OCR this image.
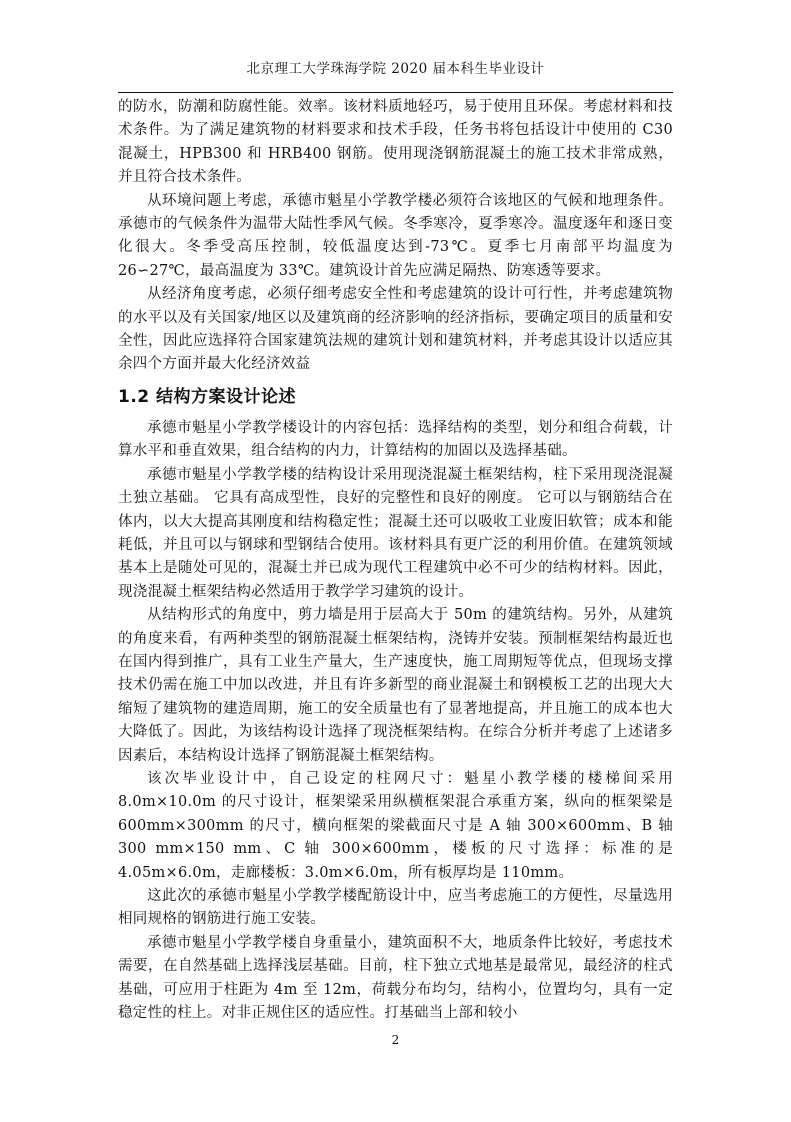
北京理工大学珠海学院 2020 届本科生毕业设计

的防水，防潮和防腐性能。效率。该材料质地轻巧，易于使用且环保。考虑材料和技术条件。为了满足建筑物的材料要求和技术手段，任务书将包括设计中使用的 C30 混凝土，HPB300 和 HRB400 钢筋。使用现浇钢筋混凝土的施工技术非常成熟，并且符合技术条件。

从环境问题上考虑，承德市魁星小学教学楼必须符合该地区的气候和地理条件。承德市的气候条件为温带大陆性季风气候。冬季寒冷，夏季寒冷。温度逐年和逐日变化很大。冬季受高压控制，较低温度达到-73℃。夏季七月南部平均温度为 26∽27℃，最高温度为 33℃。建筑设计首先应满足隔热、防寒透等要求。

从经济角度考虑，必须仔细考虑安全性和考虑建筑的设计可行性，并考虑建筑物的水平以及有关国家/地区以及建筑商的经济影响的经济指标，要确定项目的质量和安全性，因此应选择符合国家建筑法规的建筑计划和建筑材料，并考虑其设计以适应其余四个方面并最大化经济效益

1.2 结构方案设计论述

承德市魁星小学教学楼设计的内容包括：选择结构的类型，划分和组合荷载，计算水平和垂直效果，组合结构的内力，计算结构的加固以及选择基础。

承德市魁星小学教学楼的结构设计采用现浇混凝土框架结构，柱下采用现浇混凝土独立基础。 它具有高成型性，良好的完整性和良好的刚度。 它可以与钢筋结合在体内，以大大提高其刚度和结构稳定性；混凝土还可以吸收工业废旧软管；成本和能耗低，并且可以与钢球和型钢结合使用。该材料具有更广泛的利用价值。在建筑领域基本上是随处可见的，混凝土并已成为现代工程建筑中必不可少的结构材料。因此，现浇混凝土框架结构必然适用于教学学习建筑的设计。

从结构形式的角度中，剪力墙是用于层高大于 50m 的建筑结构。另外，从建筑的角度来看，有两种类型的钢筋混凝土框架结构，浇铸并安装。预制框架结构最近也在国内得到推广，具有工业生产量大，生产速度快，施工周期短等优点，但现场支撑技术仍需在施工中加以改进，并且有许多新型的商业混凝土和钢模板工艺的出现大大缩短了建筑物的建造周期，施工的安全质量也有了显著地提高，并且施工的成本也大大降低了。因此，为该结构设计选择了现浇框架结构。在综合分析并考虑了上述诸多因素后，本结构设计选择了钢筋混凝土框架结构。

该次毕业设计中，自己设定的柱网尺寸：魁星小教学楼的楼梯间采用 8.0m×10.0m 的尺寸设计，框架梁采用纵横框架混合承重方案，纵向的框架梁是 600mm×300mm 的尺寸，横向框架的梁截面尺寸是 A 轴 300×600mm、B 轴 300 mm×150 mm、C 轴 300×600mm，楼板的尺寸选择：标准的是 4.05m×6.0m，走廊楼板：3.0m×6.0m，所有板厚均是 110mm。

这此次的承德市魁星小学教学楼配筋设计中，应当考虑施工的方便性，尽量选用相同规格的钢筋进行施工安装。

承德市魁星小学教学楼自身重量小，建筑面积不大，地质条件比较好，考虑技术需要，在自然基础上选择浅层基础。目前，柱下独立式地基是最常见，最经济的柱式基础，可应用于柱距为 4m 至 12m，荷载分布均匀，结构小，位置均匀，具有一定稳定性的柱上。对非正规住区的适应性。打基础当上部和较小

2
